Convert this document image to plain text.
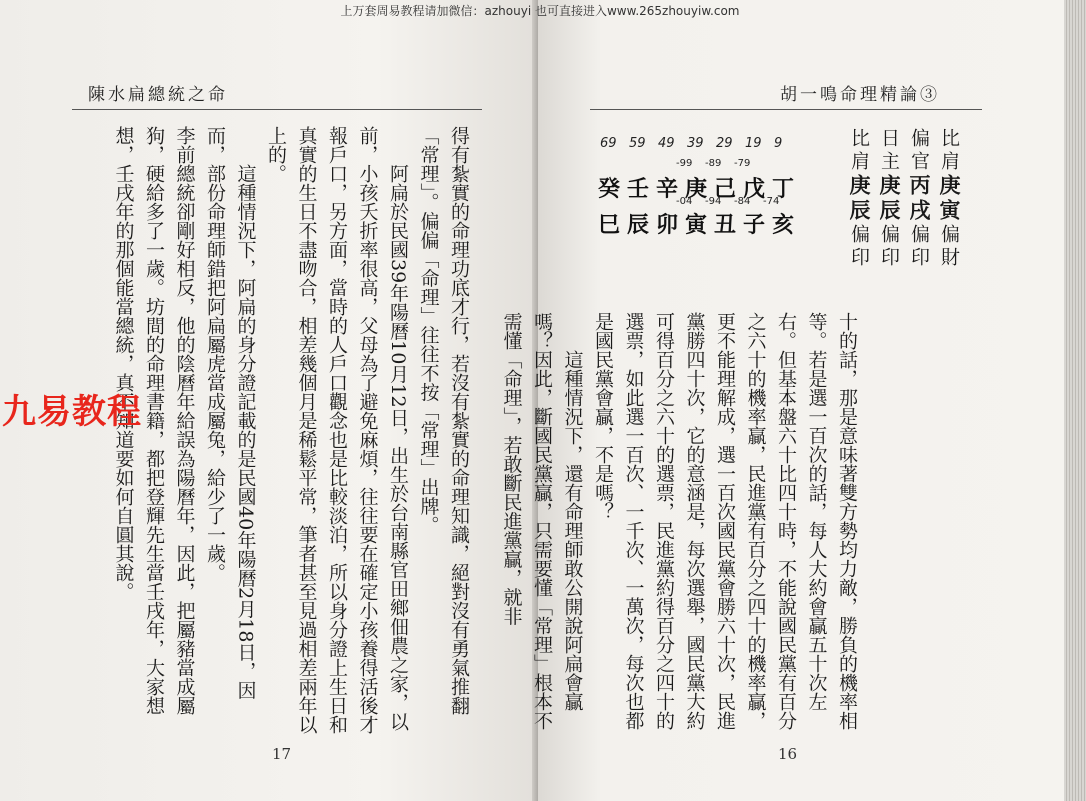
陳水扁總統之命

得有紮實的命理功底才行，若沒有紮實的命理知識，絕對沒有勇氣推翻「常理」。偏偏「命理」往往不按「常理」出牌。

阿扁於民國39年陽曆10月12日，出生於台南縣官田鄉佃農之家，以前，小孩夭折率很高，父母為了避免麻煩，往往要在確定小孩養得活後才報戶口，另方面，當時的人戶口觀念也是比較淡泊，所以身分證上生日和真實的生日不盡吻合，相差幾個月是稀鬆平常，筆者甚至見過相差兩年以上的。

這種情況下，阿扁的身分證記載的是民國40年陽曆2月18日，因而，部份命理師錯把阿扁屬虎當成屬兔，給少了一歲。

李前總統卻剛好相反，他的陰曆年給誤為陽曆年，因此，把屬豬當成屬狗，硬給多了一歲。坊間的命理書籍，都把登輝先生當壬戌年，大家想想，壬戌年的那個能當總統，真不知道要如何自圓其說。

17
胡一鳴命理精論③

十的話，那是意味著雙方勢均力敵，勝負的機率相等。若是選一百次的話，每人大約會贏五十次左右。但基本盤六十比四十時，不能說國民黨有百分之六十的機率贏，民進黨有百分之四十的機率贏，更不能理解成，選一百次國民黨會勝六十次，民進黨勝四十次，它的意涵是，每次選舉，國民黨大約可得百分之六十的選票，民進黨約得百分之四十的選票，如此選一百次、一千次、一萬次，每次也都是國民黨會贏，不是嗎？

這種情況下，還有命理師敢公開說阿扁會贏嗎？因此，斷國民黨贏，只需要懂「常理」根本不需懂「命理」，若敢斷民進黨贏，就非

16
比肩庚寅偏財
偏官丙戌偏印
日主庚辰偏印
比肩庚辰偏印
69
癸
巳
59
壬
辰
49
辛
卯
39
庚
寅
29
己
丑
19
戊
子
9
丁
亥
-99 -89 -79
-04 -94 -84 -74
上万套周易教程请加微信：azhouyi 也可直接进入www.265zhouyiw.com
九易教程
